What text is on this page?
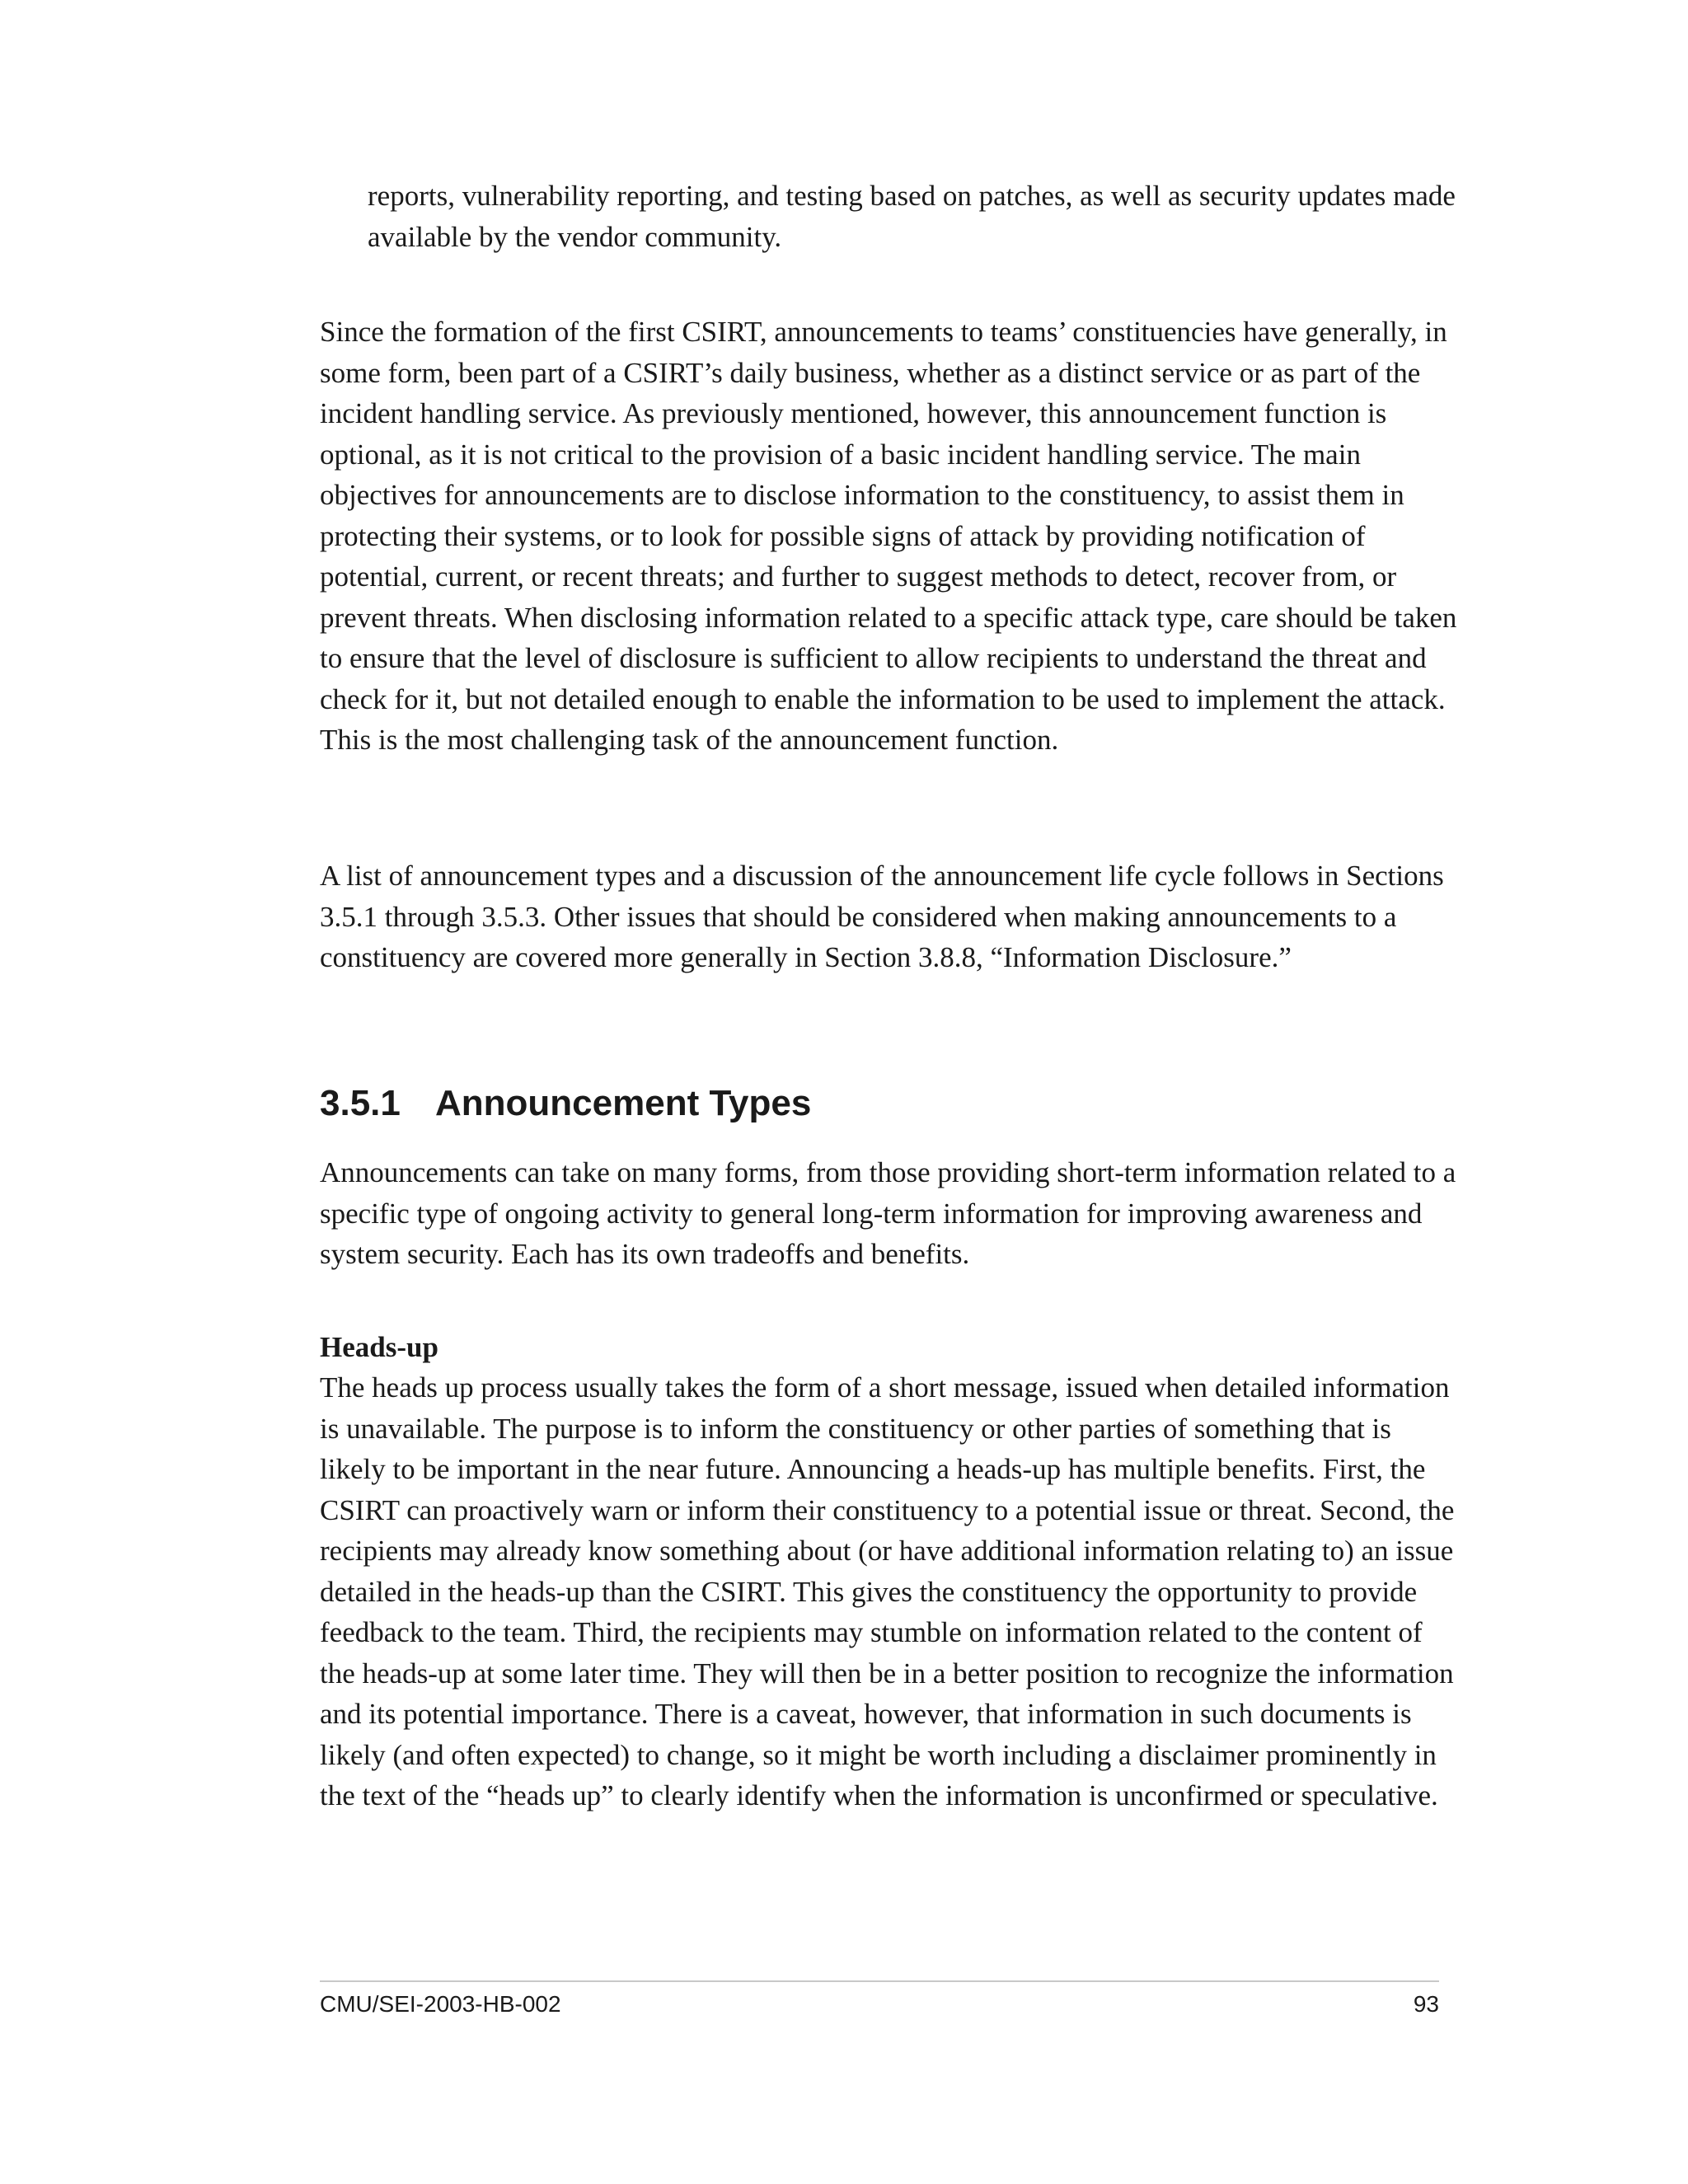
reports, vulnerability reporting, and testing based on patches, as well as security updates made available by the vendor community.

Since the formation of the first CSIRT, announcements to teams’ constituencies have generally, in some form, been part of a CSIRT’s daily business, whether as a distinct service or as part of the incident handling service. As previously mentioned, however, this announcement function is optional, as it is not critical to the provision of a basic incident handling service. The main objectives for announcements are to disclose information to the constituency, to assist them in protecting their systems, or to look for possible signs of attack by providing notification of potential, current, or recent threats; and further to suggest methods to detect, recover from, or prevent threats. When disclosing information related to a specific attack type, care should be taken to ensure that the level of disclosure is sufficient to allow recipients to understand the threat and check for it, but not detailed enough to enable the information to be used to implement the attack. This is the most challenging task of the announcement function.

A list of announcement types and a discussion of the announcement life cycle follows in Sections 3.5.1 through 3.5.3. Other issues that should be considered when making announcements to a constituency are covered more generally in Section 3.8.8, “Information Disclosure.”

3.5.1 Announcement Types

Announcements can take on many forms, from those providing short-term information related to a specific type of ongoing activity to general long-term information for improving awareness and system security. Each has its own tradeoffs and benefits.

Heads-up

The heads up process usually takes the form of a short message, issued when detailed information is unavailable. The purpose is to inform the constituency or other parties of something that is likely to be important in the near future. Announcing a heads-up has multiple benefits. First, the CSIRT can proactively warn or inform their constituency to a potential issue or threat. Second, the recipients may already know something about (or have additional information relating to) an issue detailed in the heads-up than the CSIRT. This gives the constituency the opportunity to provide feedback to the team. Third, the recipients may stumble on information related to the content of the heads-up at some later time. They will then be in a better position to recognize the information and its potential importance. There is a caveat, however, that information in such documents is likely (and often expected) to change, so it might be worth including a disclaimer prominently in the text of the “heads up” to clearly identify when the information is unconfirmed or speculative.

CMU/SEI-2003-HB-002	93
